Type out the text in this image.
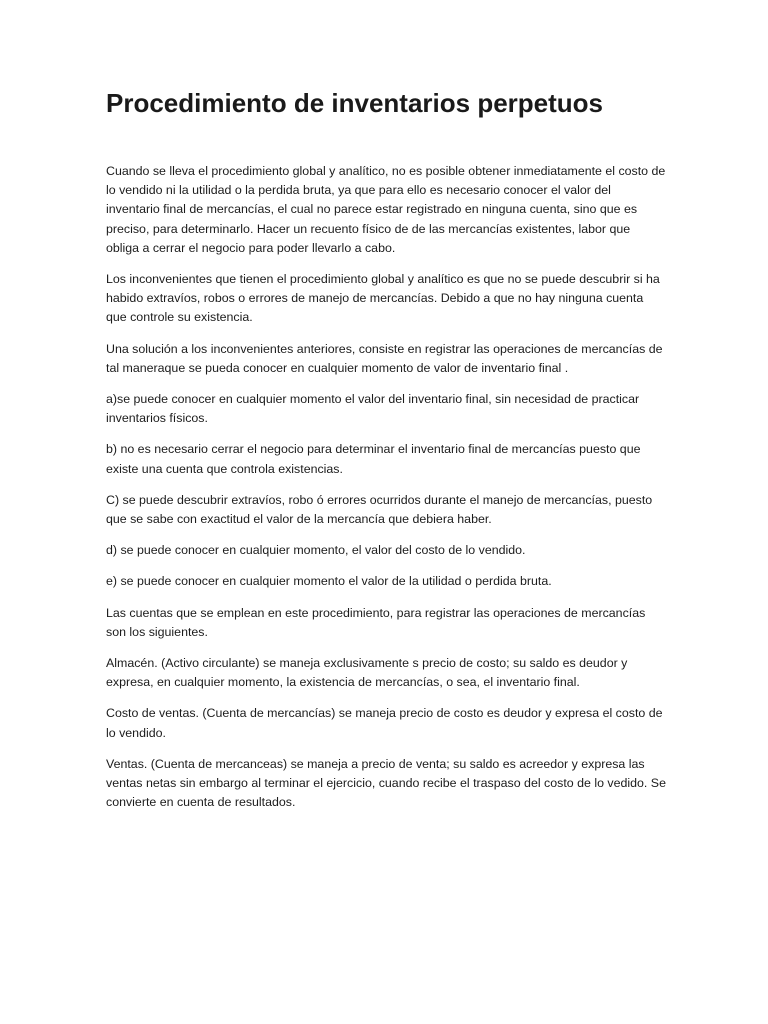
Procedimiento de inventarios perpetuos

Cuando se lleva el procedimiento global y analítico, no es posible obtener inmediatamente el costo de lo vendido ni la utilidad o la perdida bruta, ya que para ello es necesario conocer el valor del inventario final de mercancías, el cual no parece estar registrado en ninguna cuenta, sino que es preciso, para determinarlo. Hacer un recuento físico de de las mercancías existentes, labor que obliga a cerrar el negocio para poder llevarlo a cabo.

Los inconvenientes que tienen el procedimiento global y analítico es que no se puede descubrir si ha habido extravíos, robos o errores de manejo de mercancías. Debido a que no hay ninguna cuenta que controle su existencia.

Una solución a los inconvenientes anteriores, consiste en registrar las operaciones de mercancías de tal maneraque se pueda conocer en cualquier momento de valor de inventario final .

a)se puede conocer en cualquier momento el valor del inventario final, sin necesidad de practicar inventarios físicos.

b) no es necesario cerrar el negocio para determinar el inventario final de mercancías puesto que existe una cuenta que controla existencias.

C) se puede descubrir extravíos, robo ó errores ocurridos durante el manejo de mercancías, puesto que se sabe con exactitud el valor de la mercancía que debiera haber.

d) se puede conocer en cualquier momento, el valor del costo de lo vendido.

e) se puede conocer en cualquier momento el valor de la utilidad o perdida bruta.

Las cuentas que se emplean en este procedimiento, para registrar las operaciones de mercancías son los siguientes.

Almacén. (Activo circulante) se maneja exclusivamente s precio de costo; su saldo es deudor y expresa, en cualquier momento, la existencia de mercancías, o sea, el inventario final.

Costo de ventas. (Cuenta de mercancías) se maneja precio de costo es deudor y expresa el costo de lo vendido.

Ventas. (Cuenta de mercanceas) se maneja a precio de venta; su saldo es acreedor y expresa las ventas netas sin embargo al terminar el ejercicio, cuando recibe el traspaso del costo de lo vedido. Se convierte en cuenta de resultados.
